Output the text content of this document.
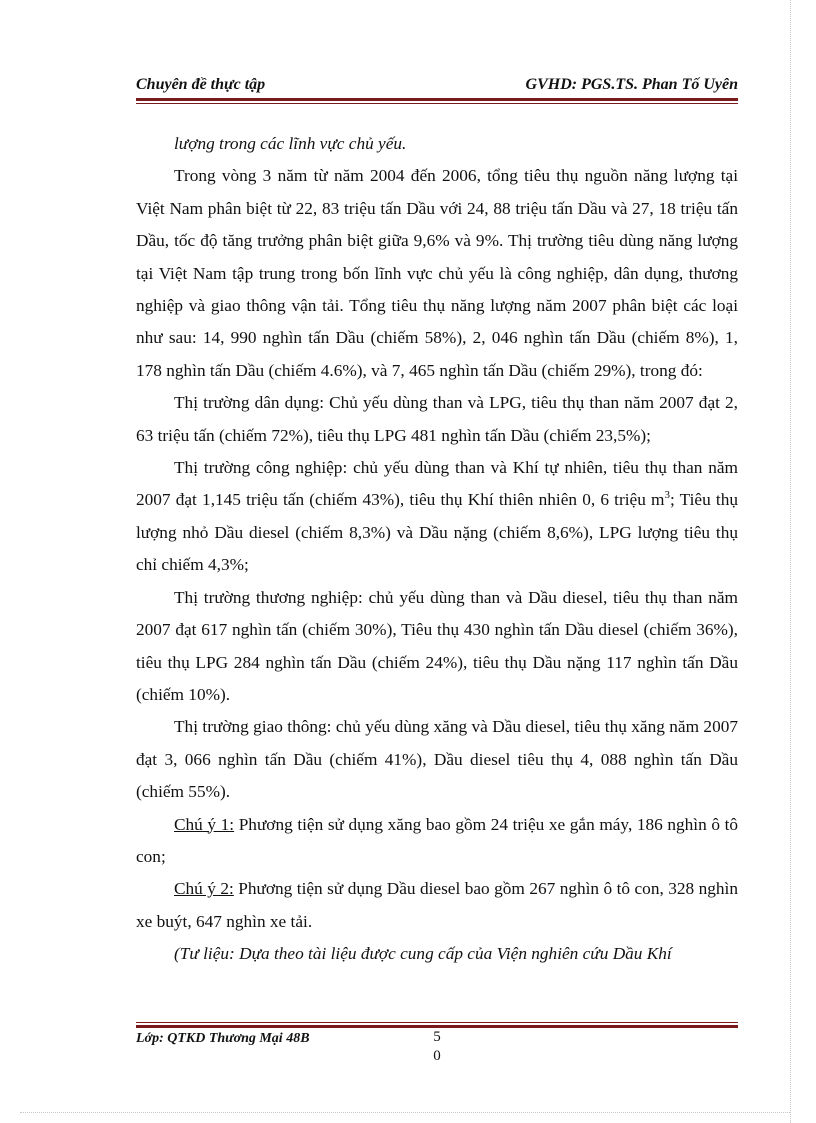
Chuyên đề thực tập	GVHD: PGS.TS. Phan Tố Uyên

lượng trong các lĩnh vực chủ yếu.

Trong vòng 3 năm từ năm 2004 đến 2006, tổng tiêu thụ nguồn năng lượng tại Việt Nam phân biệt từ 22, 83 triệu tấn Dầu với 24, 88 triệu tấn Dầu và 27, 18 triệu tấn Dầu, tốc độ tăng trưởng phân biệt giữa 9,6% và 9%. Thị trường tiêu dùng năng lượng tại Việt Nam tập trung trong bốn lĩnh vực chủ yếu là công nghiệp, dân dụng, thương nghiệp và giao thông vận tải. Tổng tiêu thụ năng lượng năm 2007 phân biệt các loại như sau: 14, 990 nghìn tấn Dầu (chiếm 58%), 2, 046 nghìn tấn Dầu (chiếm 8%), 1, 178 nghìn tấn Dầu (chiếm 4.6%), và 7, 465 nghìn tấn Dầu (chiếm 29%), trong đó:

Thị trường dân dụng: Chủ yếu dùng than và LPG, tiêu thụ than năm 2007 đạt 2, 63 triệu tấn (chiếm 72%), tiêu thụ LPG 481 nghìn tấn Dầu (chiếm 23,5%);

Thị trường công nghiệp: chủ yếu dùng than và Khí tự nhiên, tiêu thụ than năm 2007 đạt 1,145 triệu tấn (chiếm 43%), tiêu thụ Khí thiên nhiên 0, 6 triệu $m^3$; Tiêu thụ lượng nhỏ Dầu diesel (chiếm 8,3%) và Dầu nặng (chiếm 8,6%), LPG lượng tiêu thụ chỉ chiếm 4,3%;

Thị trường thương nghiệp: chủ yếu dùng than và Dầu diesel, tiêu thụ than năm 2007 đạt 617 nghìn tấn (chiếm 30%), Tiêu thụ 430 nghìn tấn Dầu diesel (chiếm 36%), tiêu thụ LPG 284 nghìn tấn Dầu (chiếm 24%), tiêu thụ Dầu nặng 117 nghìn tấn Dầu (chiếm 10%).

Thị trường giao thông: chủ yếu dùng xăng và Dầu diesel, tiêu thụ xăng năm 2007 đạt 3, 066 nghìn tấn Dầu (chiếm 41%), Dầu diesel tiêu thụ 4, 088 nghìn tấn Dầu (chiếm 55%).

Chú ý 1: Phương tiện sử dụng xăng bao gồm 24 triệu xe gắn máy, 186 nghìn ô tô con;

Chú ý 2: Phương tiện sử dụng Dầu diesel bao gồm 267 nghìn ô tô con, 328 nghìn xe buýt, 647 nghìn xe tải.

(Tư liệu: Dựa theo tài liệu được cung cấp của Viện nghiên cứu Dầu Khí

Lớp: QTKD Thương Mại 48B	5
0
